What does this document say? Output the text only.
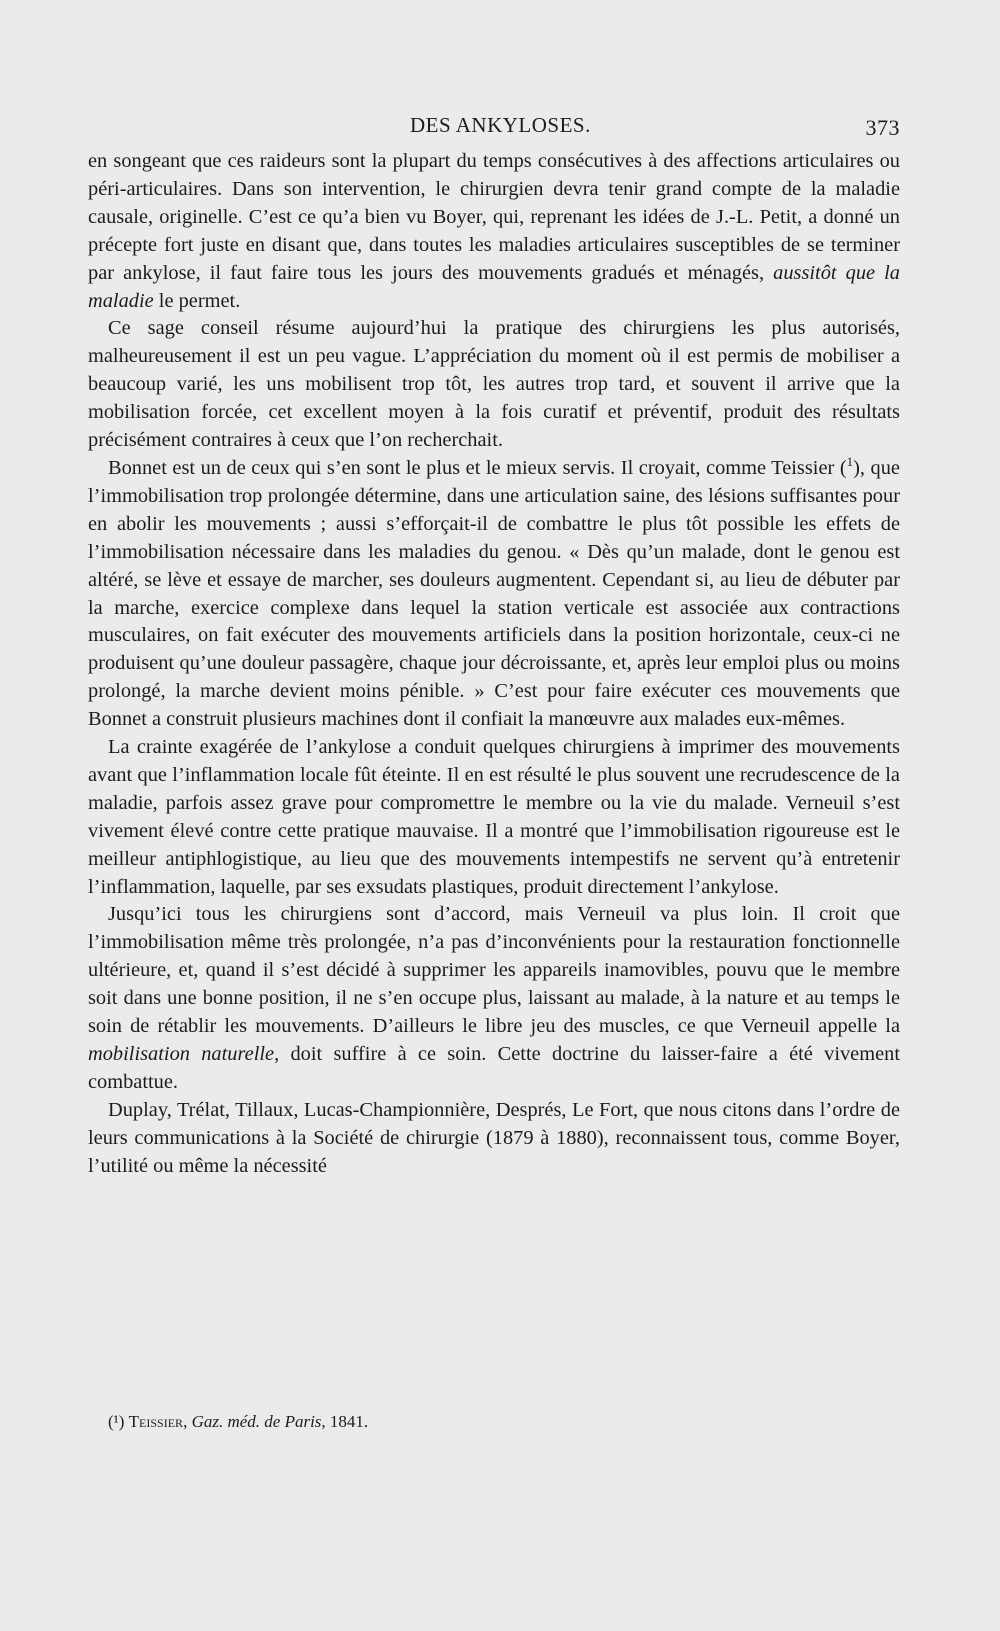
DES ANKYLOSES.	373

en songeant que ces raideurs sont la plupart du temps consécutives à des affections articulaires ou péri-articulaires. Dans son intervention, le chirurgien devra tenir grand compte de la maladie causale, originelle. C’est ce qu’a bien vu Boyer, qui, reprenant les idées de J.-L. Petit, a donné un précepte fort juste en disant que, dans toutes les maladies articulaires susceptibles de se terminer par ankylose, il faut faire tous les jours des mouvements gradués et ménagés, aussitôt que la maladie le permet.

Ce sage conseil résume aujourd’hui la pratique des chirurgiens les plus autorisés, malheureusement il est un peu vague. L’appréciation du moment où il est permis de mobiliser a beaucoup varié, les uns mobilisent trop tôt, les autres trop tard, et souvent il arrive que la mobilisation forcée, cet excellent moyen à la fois curatif et préventif, produit des résultats précisément contraires à ceux que l’on recherchait.

Bonnet est un de ceux qui s’en sont le plus et le mieux servis. Il croyait, comme Teissier ($^1$), que l’immobilisation trop prolongée détermine, dans une articulation saine, des lésions suffisantes pour en abolir les mouvements ; aussi s’efforçait-il de combattre le plus tôt possible les effets de l’immobilisation nécessaire dans les maladies du genou. « Dès qu’un malade, dont le genou est altéré, se lève et essaye de marcher, ses douleurs augmentent. Cependant si, au lieu de débuter par la marche, exercice complexe dans lequel la station verticale est associée aux contractions musculaires, on fait exécuter des mouvements artificiels dans la position horizontale, ceux-ci ne produisent qu’une douleur passagère, chaque jour décroissante, et, après leur emploi plus ou moins prolongé, la marche devient moins pénible. » C’est pour faire exécuter ces mouvements que Bonnet a construit plusieurs machines dont il confiait la manœuvre aux malades eux-mêmes.

La crainte exagérée de l’ankylose a conduit quelques chirurgiens à imprimer des mouvements avant que l’inflammation locale fût éteinte. Il en est résulté le plus souvent une recrudescence de la maladie, parfois assez grave pour compromettre le membre ou la vie du malade. Verneuil s’est vivement élevé contre cette pratique mauvaise. Il a montré que l’immobilisation rigoureuse est le meilleur antiphlogistique, au lieu que des mouvements intempestifs ne servent qu’à entretenir l’inflammation, laquelle, par ses exsudats plastiques, produit directement l’ankylose.

Jusqu’ici tous les chirurgiens sont d’accord, mais Verneuil va plus loin. Il croit que l’immobilisation même très prolongée, n’a pas d’inconvénients pour la restauration fonctionnelle ultérieure, et, quand il s’est décidé à supprimer les appareils inamovibles, pouvu que le membre soit dans une bonne position, il ne s’en occupe plus, laissant au malade, à la nature et au temps le soin de rétablir les mouvements. D’ailleurs le libre jeu des muscles, ce que Verneuil appelle la mobilisation naturelle, doit suffire à ce soin. Cette doctrine du laisser-faire a été vivement combattue.

Duplay, Trélat, Tillaux, Lucas-Championnière, Després, Le Fort, que nous citons dans l’ordre de leurs communications à la Société de chirurgie (1879 à 1880), reconnaissent tous, comme Boyer, l’utilité ou même la nécessité

(¹) Teissier, Gaz. méd. de Paris, 1841.
